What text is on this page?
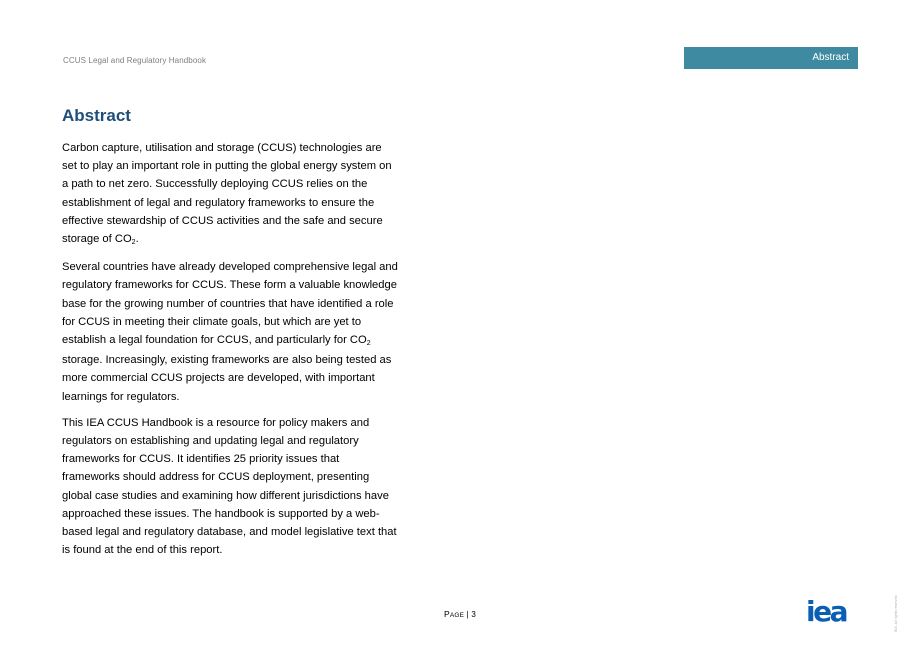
CCUS Legal and Regulatory Handbook	Abstract
Abstract

Carbon capture, utilisation and storage (CCUS) technologies are
set to play an important role in putting the global energy system on
a path to net zero. Successfully deploying CCUS relies on the
establishment of legal and regulatory frameworks to ensure the
effective stewardship of CCUS activities and the safe and secure
storage of $CO_2$.

Several countries have already developed comprehensive legal and
regulatory frameworks for CCUS. These form a valuable knowledge
base for the growing number of countries that have identified a role
for CCUS in meeting their climate goals, but which are yet to
establish a legal foundation for CCUS, and particularly for $CO_2$
storage. Increasingly, existing frameworks are also being tested as
more commercial CCUS projects are developed, with important
learnings for regulators.

This IEA CCUS Handbook is a resource for policy makers and
regulators on establishing and updating legal and regulatory
frameworks for CCUS. It identifies 25 priority issues that
frameworks should address for CCUS deployment, presenting
global case studies and examining how different jurisdictions have
approached these issues. The handbook is supported by a web-
based legal and regulatory database, and model legislative text that
is found at the end of this report.

PAGE | 3	iea	IEA. All rights reserved.
